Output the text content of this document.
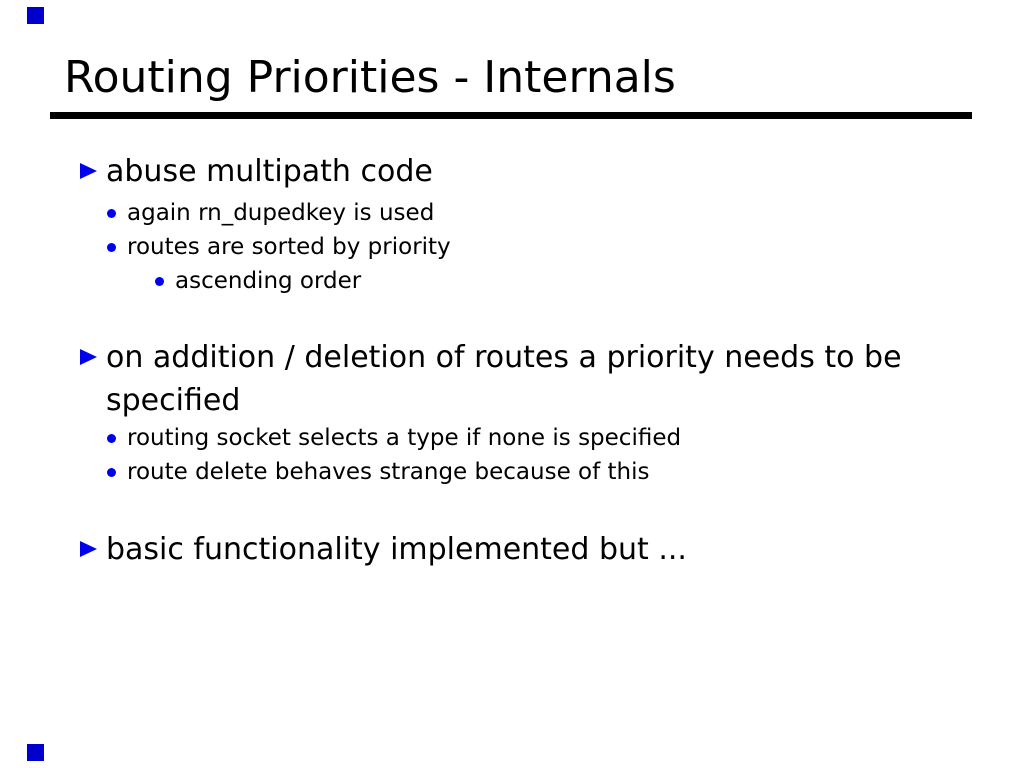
Routing Priorities - Internals
abuse multipath code
again rn_dupedkey is used
routes are sorted by priority
ascending order
on addition / deletion of routes a priority needs to be specified
routing socket selects a type if none is specified
route delete behaves strange because of this
basic functionality implemented but ...
